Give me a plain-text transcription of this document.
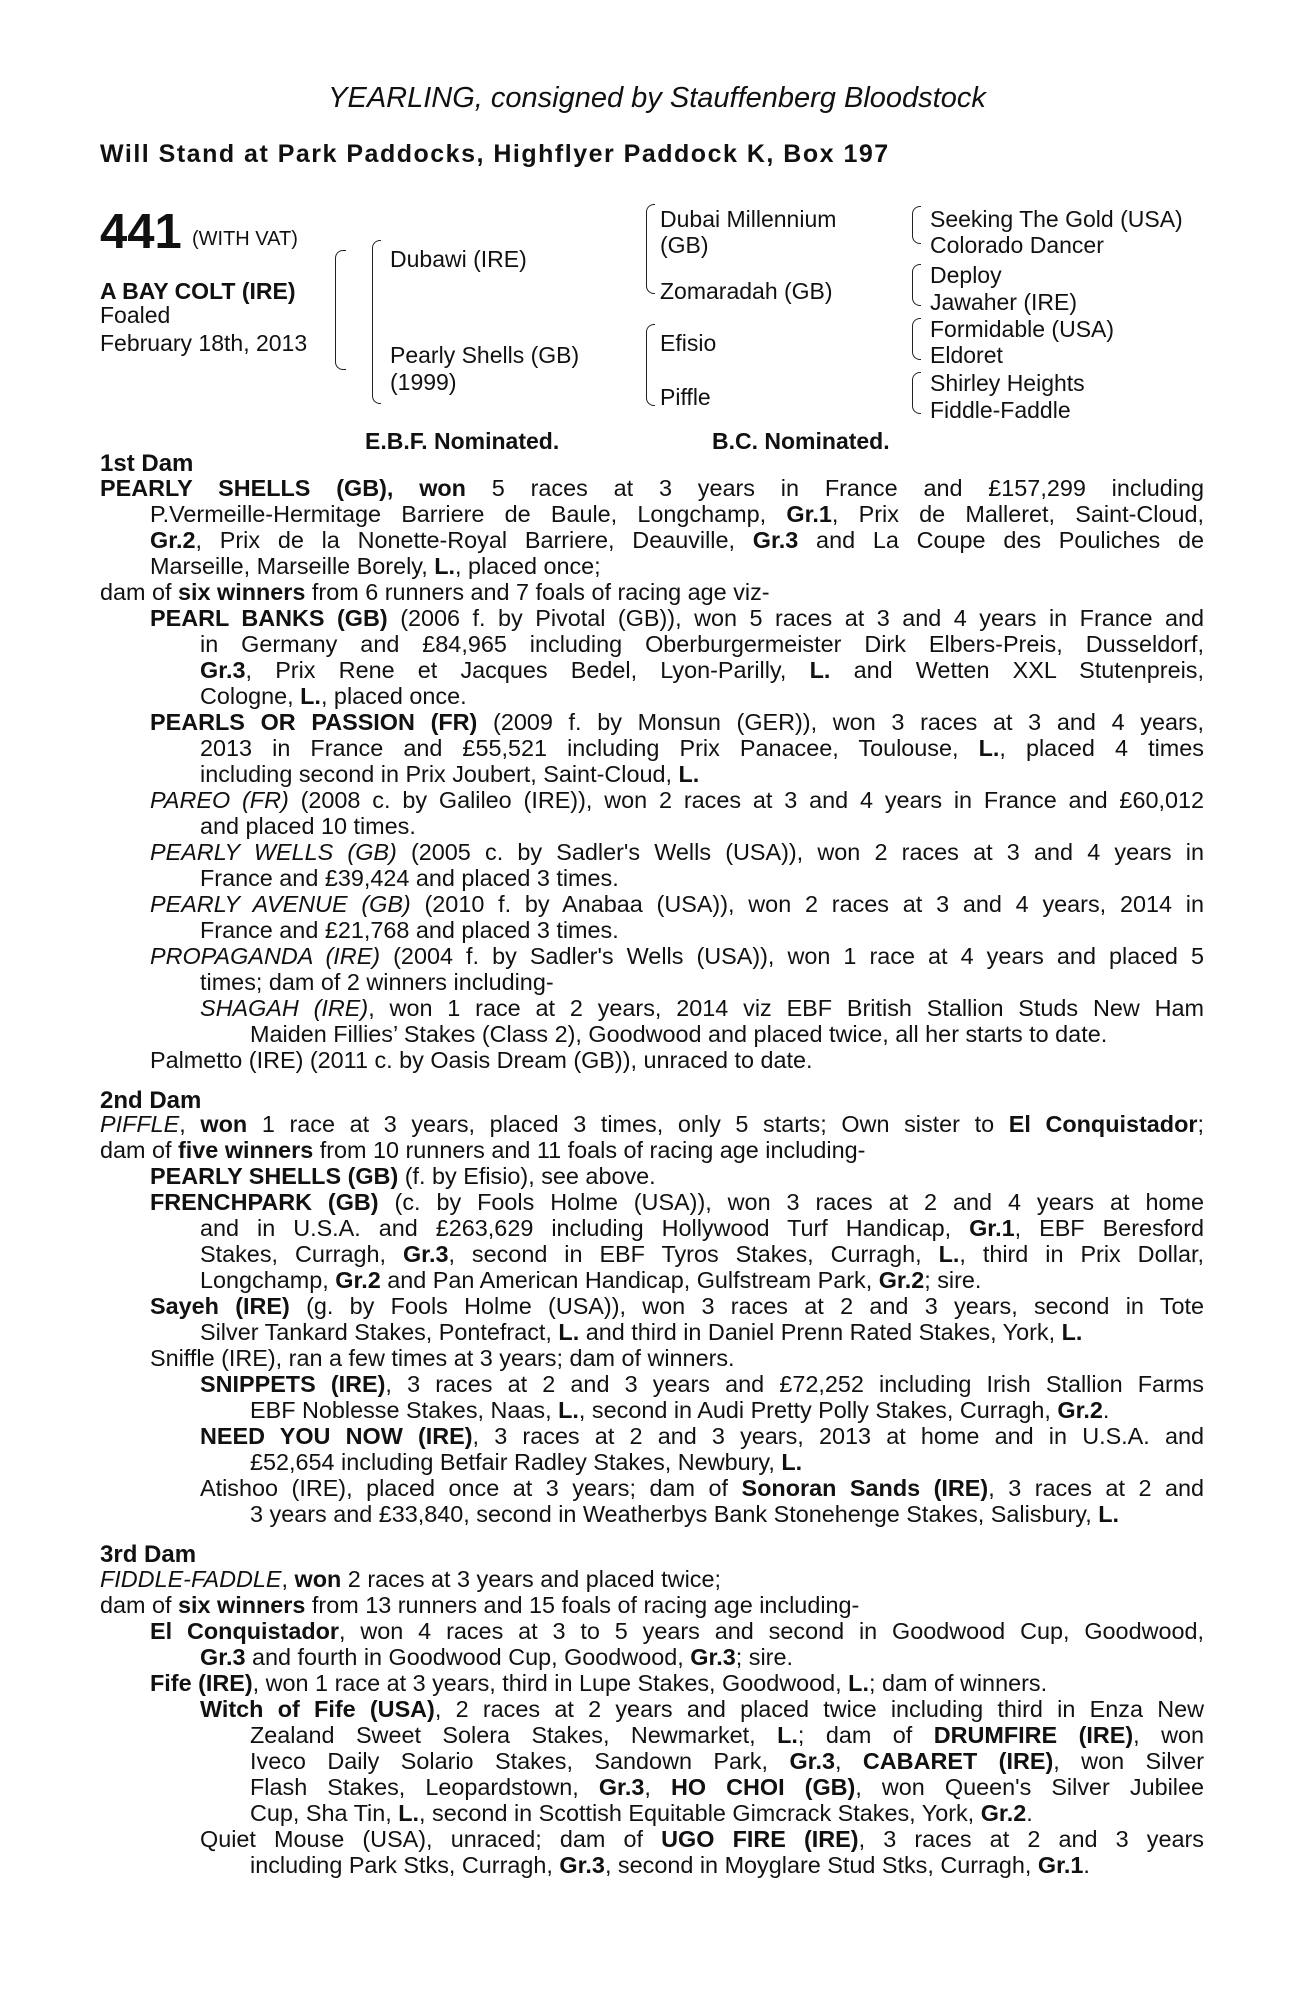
YEARLING, consigned by Stauffenberg Bloodstock
Will Stand at Park Paddocks, Highflyer Paddock K, Box 197
441 (WITH VAT)
A BAY COLT (IRE)
Foaled
February 18th, 2013
Dubawi (IRE)
Pearly Shells (GB)
(1999)
Dubai Millennium
(GB)
Zomaradah (GB)
Efisio
Piffle
Seeking The Gold (USA)
Colorado Dancer
Deploy
Jawaher (IRE)
Formidable (USA)
Eldoret
Shirley Heights
Fiddle-Faddle
E.B.F. Nominated.	B.C. Nominated.
1st Dam
PEARLY SHELLS (GB), won 5 races at 3 years in France and £157,299 including
P.Vermeille-Hermitage Barriere de Baule, Longchamp, Gr.1, Prix de Malleret, Saint-Cloud,
Gr.2, Prix de la Nonette-Royal Barriere, Deauville, Gr.3 and La Coupe des Pouliches de
Marseille, Marseille Borely, L., placed once;
dam of six winners from 6 runners and 7 foals of racing age viz-
PEARL BANKS (GB) (2006 f. by Pivotal (GB)), won 5 races at 3 and 4 years in France and
in Germany and £84,965 including Oberburgermeister Dirk Elbers-Preis, Dusseldorf,
Gr.3, Prix Rene et Jacques Bedel, Lyon-Parilly, L. and Wetten XXL Stutenpreis,
Cologne, L., placed once.
PEARLS OR PASSION (FR) (2009 f. by Monsun (GER)), won 3 races at 3 and 4 years,
2013 in France and £55,521 including Prix Panacee, Toulouse, L., placed 4 times
including second in Prix Joubert, Saint-Cloud, L.
PAREO (FR) (2008 c. by Galileo (IRE)), won 2 races at 3 and 4 years in France and £60,012
and placed 10 times.
PEARLY WELLS (GB) (2005 c. by Sadler's Wells (USA)), won 2 races at 3 and 4 years in
France and £39,424 and placed 3 times.
PEARLY AVENUE (GB) (2010 f. by Anabaa (USA)), won 2 races at 3 and 4 years, 2014 in
France and £21,768 and placed 3 times.
PROPAGANDA (IRE) (2004 f. by Sadler's Wells (USA)), won 1 race at 4 years and placed 5
times; dam of 2 winners including-
SHAGAH (IRE), won 1 race at 2 years, 2014 viz EBF British Stallion Studs New Ham
Maiden Fillies’ Stakes (Class 2), Goodwood and placed twice, all her starts to date.
Palmetto (IRE) (2011 c. by Oasis Dream (GB)), unraced to date.
2nd Dam
PIFFLE, won 1 race at 3 years, placed 3 times, only 5 starts; Own sister to El Conquistador;
dam of five winners from 10 runners and 11 foals of racing age including-
PEARLY SHELLS (GB) (f. by Efisio), see above.
FRENCHPARK (GB) (c. by Fools Holme (USA)), won 3 races at 2 and 4 years at home
and in U.S.A. and £263,629 including Hollywood Turf Handicap, Gr.1, EBF Beresford
Stakes, Curragh, Gr.3, second in EBF Tyros Stakes, Curragh, L., third in Prix Dollar,
Longchamp, Gr.2 and Pan American Handicap, Gulfstream Park, Gr.2; sire.
Sayeh (IRE) (g. by Fools Holme (USA)), won 3 races at 2 and 3 years, second in Tote
Silver Tankard Stakes, Pontefract, L. and third in Daniel Prenn Rated Stakes, York, L.
Sniffle (IRE), ran a few times at 3 years; dam of winners.
SNIPPETS (IRE), 3 races at 2 and 3 years and £72,252 including Irish Stallion Farms
EBF Noblesse Stakes, Naas, L., second in Audi Pretty Polly Stakes, Curragh, Gr.2.
NEED YOU NOW (IRE), 3 races at 2 and 3 years, 2013 at home and in U.S.A. and
£52,654 including Betfair Radley Stakes, Newbury, L.
Atishoo (IRE), placed once at 3 years; dam of Sonoran Sands (IRE), 3 races at 2 and
3 years and £33,840, second in Weatherbys Bank Stonehenge Stakes, Salisbury, L.
3rd Dam
FIDDLE-FADDLE, won 2 races at 3 years and placed twice;
dam of six winners from 13 runners and 15 foals of racing age including-
El Conquistador, won 4 races at 3 to 5 years and second in Goodwood Cup, Goodwood,
Gr.3 and fourth in Goodwood Cup, Goodwood, Gr.3; sire.
Fife (IRE), won 1 race at 3 years, third in Lupe Stakes, Goodwood, L.; dam of winners.
Witch of Fife (USA), 2 races at 2 years and placed twice including third in Enza New
Zealand Sweet Solera Stakes, Newmarket, L.; dam of DRUMFIRE (IRE), won
Iveco Daily Solario Stakes, Sandown Park, Gr.3, CABARET (IRE), won Silver
Flash Stakes, Leopardstown, Gr.3, HO CHOI (GB), won Queen's Silver Jubilee
Cup, Sha Tin, L., second in Scottish Equitable Gimcrack Stakes, York, Gr.2.
Quiet Mouse (USA), unraced; dam of UGO FIRE (IRE), 3 races at 2 and 3 years
including Park Stks, Curragh, Gr.3, second in Moyglare Stud Stks, Curragh, Gr.1.
